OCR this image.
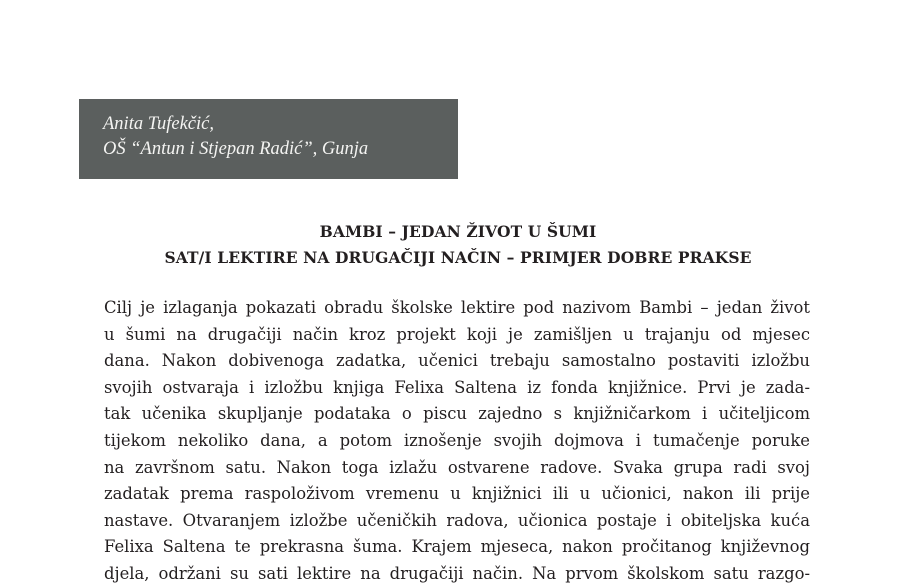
Anita Tufekčić,
OŠ “Antun i Stjepan Radić”, Gunja
BAMBI – JEDAN ŽIVOT U ŠUMI
SAT/I LEKTIRE NA DRUGAČIJI NAČIN – PRIMJER DOBRE PRAKSE
Cilj je izlaganja pokazati obradu školske lektire pod nazivom Bambi – jedan život
u šumi na drugačiji način kroz projekt koji je zamišljen u trajanju od mjesec
dana. Nakon dobivenoga zadatka, učenici trebaju samostalno postaviti izložbu
svojih ostvaraja i izložbu knjiga Felixa Saltena iz fonda knjižnice. Prvi je zada-
tak učenika skupljanje podataka o piscu zajedno s knjižničarkom i učiteljicom
tijekom nekoliko dana, a potom iznošenje svojih dojmova i tumačenje poruke
na završnom satu. Nakon toga izlažu ostvarene radove. Svaka grupa radi svoj
zadatak prema raspoloživom vremenu u knjižnici ili u učionici, nakon ili prije
nastave. Otvaranjem izložbe učeničkih radova, učionica postaje i obiteljska kuća
Felixa Saltena te prekrasna šuma. Krajem mjeseca, nakon pročitanog književnog
djela, održani su sati lektire na drugačiji način. Na prvom školskom satu razgo-
